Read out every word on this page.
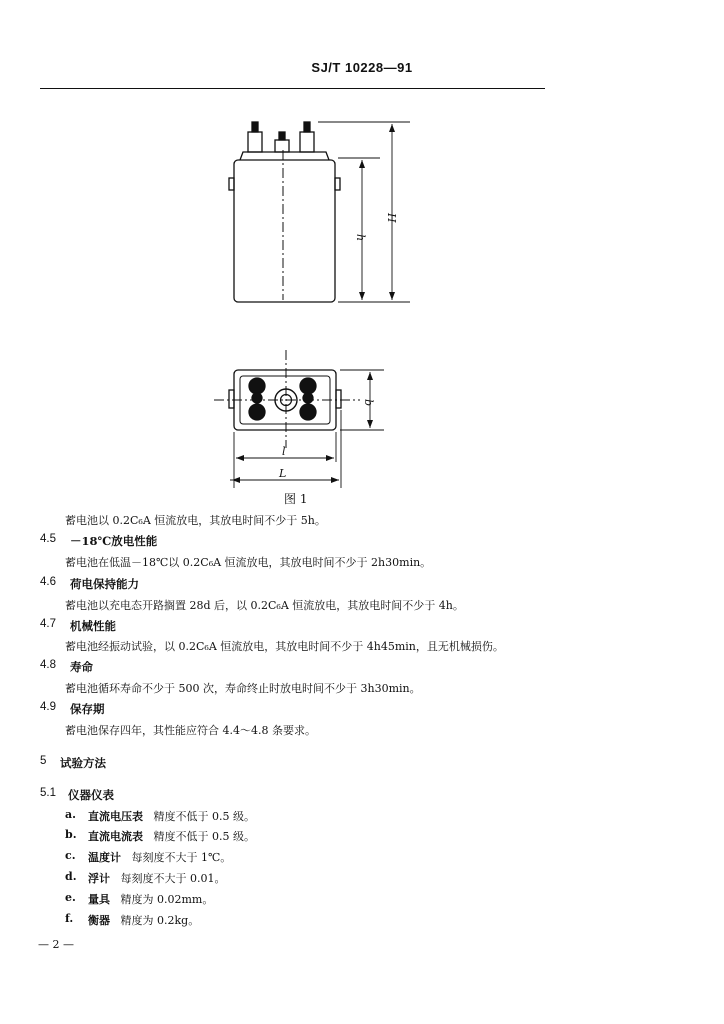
SJ/T 10228—91
h
H
b
l
L
图 1
蓄电池以 0.2C₆A 恒流放电，其放电时间不少于 5h。
4.5 －18℃放电性能
蓄电池在低温－18℃以 0.2C₆A 恒流放电，其放电时间不少于 2h30min。
4.6 荷电保持能力
蓄电池以充电态开路搁置 28d 后，以 0.2C₆A 恒流放电，其放电时间不少于 4h。
4.7 机械性能
蓄电池经振动试验，以 0.2C₆A 恒流放电，其放电时间不少于 4h45min，且无机械损伤。
4.8 寿命
蓄电池循环寿命不少于 500 次，寿命终止时放电时间不少于 3h30min。
4.9 保存期
蓄电池保存四年，其性能应符合 4.4～4.8 条要求。
5 试验方法
5.1 仪器仪表
a. 直流电压表 精度不低于 0.5 级。
b. 直流电流表 精度不低于 0.5 级。
c. 温度计 每刻度不大于 1℃。
d. 浮计 每刻度不大于 0.01。
e. 量具 精度为 0.02mm。
f. 衡器 精度为 0.2kg。
— 2 —
